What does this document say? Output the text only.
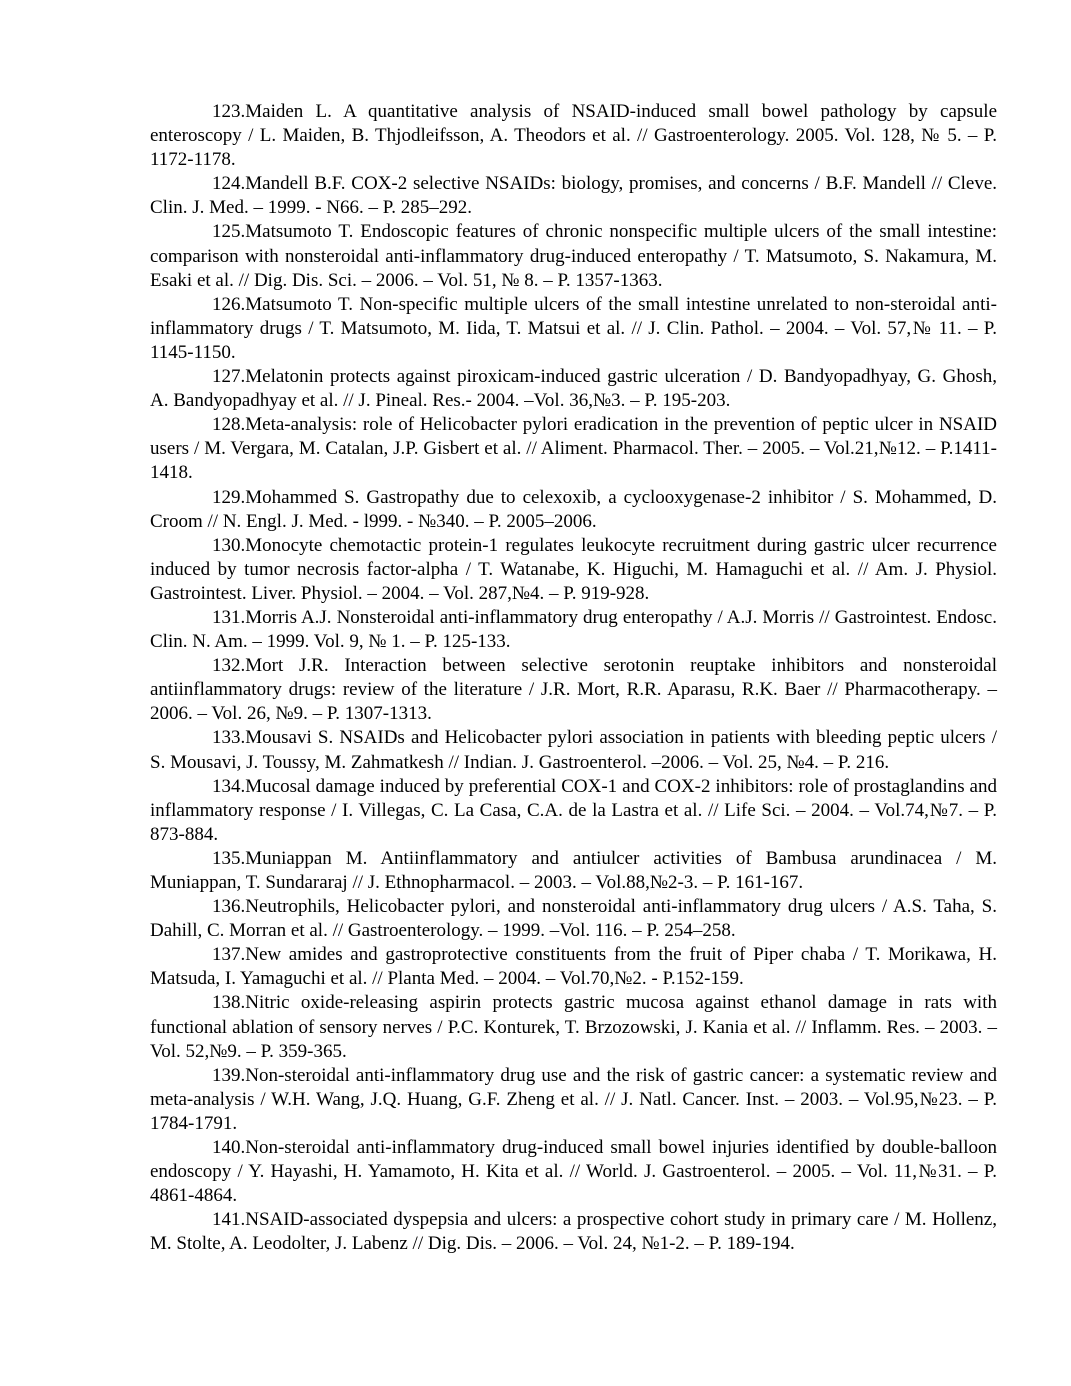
123.Maiden L. A quantitative analysis of NSAID-induced small bowel pathology by capsule enteroscopy / L. Maiden, B. Thjodleifsson, A. Theodors et al. // Gastroenterology. 2005. Vol. 128, № 5. – P. 1172-1178.

124.Mandell B.F. COX-2 selective NSAIDs: biology, promises, and concerns / B.F. Mandell // Cleve. Clin. J. Med. – 1999. - N66. – P. 285–292.

125.Matsumoto T. Endoscopic features of chronic nonspecific multiple ulcers of the small intestine: comparison with nonsteroidal anti-inflammatory drug-induced enteropathy / T. Matsumoto, S. Nakamura, M. Esaki et al. // Dig. Dis. Sci. – 2006. – Vol. 51, № 8. – P. 1357-1363.

126.Matsumoto T. Non-specific multiple ulcers of the small intestine unrelated to non-steroidal anti-inflammatory drugs / T. Matsumoto, M. Iida, T. Matsui et al. // J. Clin. Pathol. – 2004. – Vol. 57,№ 11. – P. 1145-1150.

127.Melatonin protects against piroxicam-induced gastric ulceration / D. Bandyopadhyay, G. Ghosh, A. Bandyopadhyay et al. // J. Pineal. Res.- 2004. –Vol. 36,№3. – P. 195-203.

128.Meta-analysis: role of Helicobacter pylori eradication in the prevention of peptic ulcer in NSAID users / M. Vergara, M. Catalan, J.P. Gisbert et al. // Aliment. Pharmacol. Ther. – 2005. – Vol.21,№12. – P.1411-1418.

129.Mohammed S. Gastropathy due to celexoxib, a cyclooxygenase-2 inhibitor / S. Mohammed, D. Croom // N. Engl. J. Med. - l999. - №340. – P. 2005–2006.

130.Monocyte chemotactic protein-1 regulates leukocyte recruitment during gastric ulcer recurrence induced by tumor necrosis factor-alpha / T. Watanabe, K. Higuchi, M. Hamaguchi et al. // Am. J. Physiol. Gastrointest. Liver. Physiol. – 2004. – Vol. 287,№4. – P. 919-928.

131.Morris A.J. Nonsteroidal anti-inflammatory drug enteropathy / A.J. Morris // Gastrointest. Endosc. Clin. N. Am. – 1999. Vol. 9, № 1. – P. 125-133.

132.Mort J.R. Interaction between selective serotonin reuptake inhibitors and nonsteroidal antiinflammatory drugs: review of the literature / J.R. Mort, R.R. Aparasu, R.K. Baer // Pharmacotherapy. – 2006. – Vol. 26, №9. – P. 1307-1313.

133.Mousavi S. NSAIDs and Helicobacter pylori association in patients with bleeding peptic ulcers / S. Mousavi, J. Toussy, M. Zahmatkesh // Indian. J. Gastroenterol. –2006. – Vol. 25, №4. – P. 216.

134.Mucosal damage induced by preferential COX-1 and COX-2 inhibitors: role of prostaglandins and inflammatory response / I. Villegas, C. La Casa, C.A. de la Lastra et al. // Life Sci. – 2004. – Vol.74,№7. – P. 873-884.

135.Muniappan M. Antiinflammatory and antiulcer activities of Bambusa arundinacea / M. Muniappan, T. Sundararaj // J. Ethnopharmacol. – 2003. – Vol.88,№2-3. – P. 161-167.

136.Neutrophils, Helicobacter pylori, and nonsteroidal anti-inflammatory drug ulcers / A.S. Taha, S. Dahill, C. Morran et al. // Gastroenterology. – 1999. –Vol. 116. – P. 254–258.

137.New amides and gastroprotective constituents from the fruit of Piper chaba / T. Morikawa, H. Matsuda, I. Yamaguchi et al. // Planta Med. – 2004. – Vol.70,№2. - P.152-159.

138.Nitric oxide-releasing aspirin protects gastric mucosa against ethanol damage in rats with functional ablation of sensory nerves / P.C. Konturek, T. Brzozowski, J. Kania et al. // Inflamm. Res. – 2003. – Vol. 52,№9. – P. 359-365.

139.Non-steroidal anti-inflammatory drug use and the risk of gastric cancer: a systematic review and meta-analysis / W.H. Wang, J.Q. Huang, G.F. Zheng et al. // J. Natl. Cancer. Inst. – 2003. – Vol.95,№23. – P. 1784-1791.

140.Non-steroidal anti-inflammatory drug-induced small bowel injuries identified by double-balloon endoscopy / Y. Hayashi, H. Yamamoto, H. Kita et al. // World. J. Gastroenterol. – 2005. – Vol. 11,№31. – P. 4861-4864.

141.NSAID-associated dyspepsia and ulcers: a prospective cohort study in primary care / M. Hollenz, M. Stolte, A. Leodolter, J. Labenz // Dig. Dis. – 2006. – Vol. 24, №1-2. – P. 189-194.
